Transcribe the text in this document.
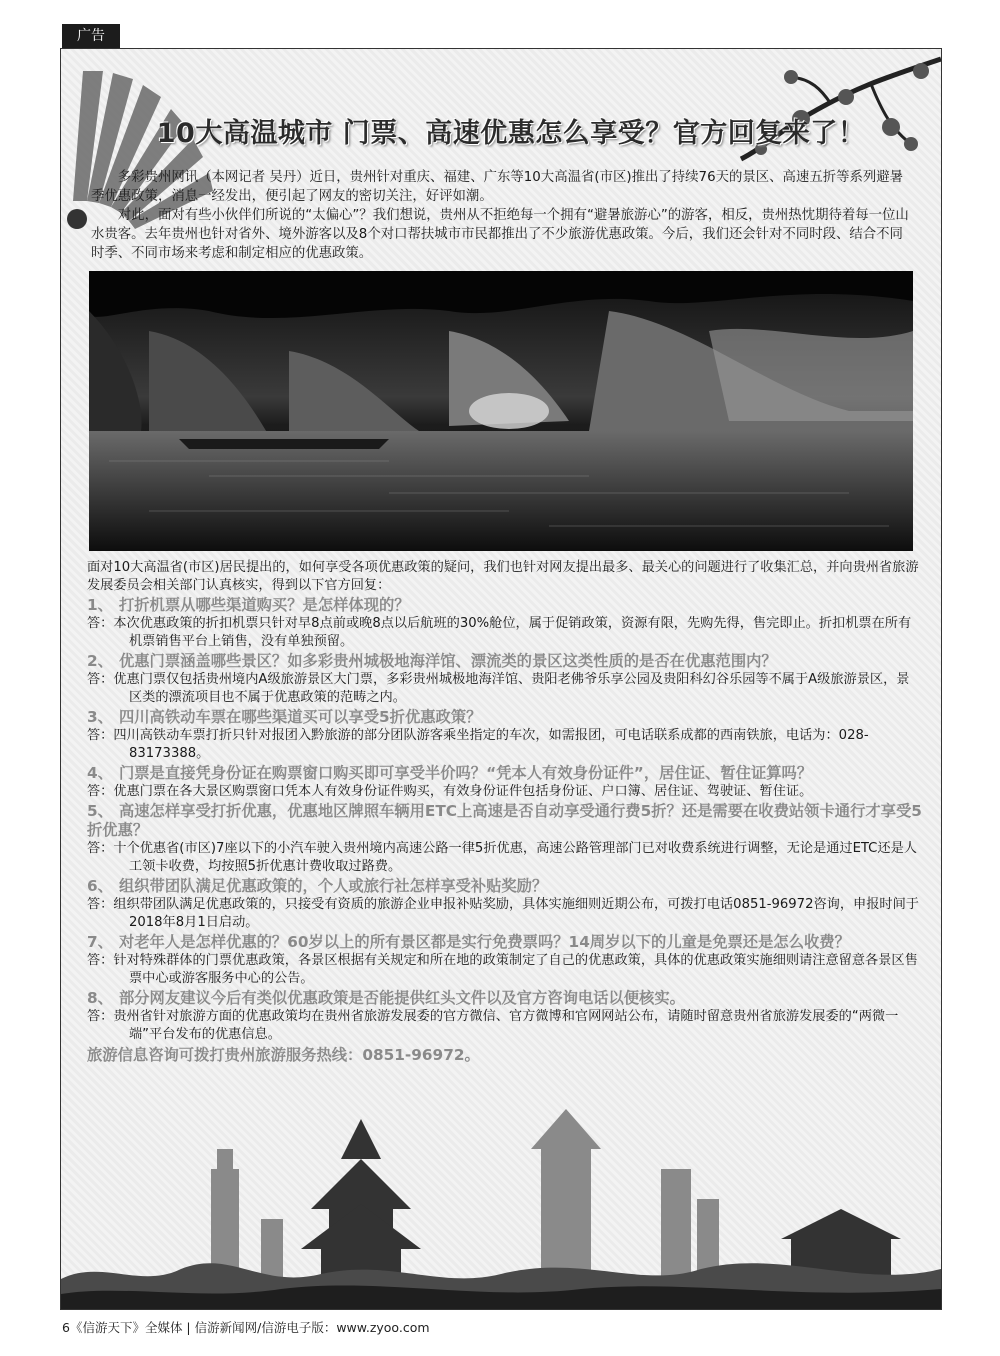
广告
10大高温城市 门票、高速优惠怎么享受？官方回复来了！

多彩贵州网讯（本网记者 吴丹）近日，贵州针对重庆、福建、广东等10大高温省(市区)推出了持续76天的景区、高速五折等系列避暑季优惠政策，消息一经发出，便引起了网友的密切关注，好评如潮。

对此，面对有些小伙伴们所说的“太偏心”？我们想说，贵州从不拒绝每一个拥有“避暑旅游心”的游客，相反，贵州热忱期待着每一位山水贵客。去年贵州也针对省外、境外游客以及8个对口帮扶城市市民都推出了不少旅游优惠政策。今后，我们还会针对不同时段、结合不同时季、不同市场来考虑和制定相应的优惠政策。

面对10大高温省(市区)居民提出的，如何享受各项优惠政策的疑问，我们也针对网友提出最多、最关心的问题进行了收集汇总，并向贵州省旅游发展委员会相关部门认真核实，得到以下官方回复：

1、 打折机票从哪些渠道购买？是怎样体现的？

答：本次优惠政策的折扣机票只针对早8点前或晚8点以后航班的30%舱位，属于促销政策，资源有限，先购先得，售完即止。折扣机票在所有机票销售平台上销售，没有单独预留。

2、 优惠门票涵盖哪些景区？如多彩贵州城极地海洋馆、漂流类的景区这类性质的是否在优惠范围内？

答：优惠门票仅包括贵州境内A级旅游景区大门票，多彩贵州城极地海洋馆、贵阳老佛爷乐享公园及贵阳科幻谷乐园等不属于A级旅游景区，景区类的漂流项目也不属于优惠政策的范畴之内。

3、 四川高铁动车票在哪些渠道买可以享受5折优惠政策？

答：四川高铁动车票打折只针对报团入黔旅游的部分团队游客乘坐指定的车次，如需报团，可电话联系成都的西南铁旅，电话为：028-83173388。

4、 门票是直接凭身份证在购票窗口购买即可享受半价吗？“凭本人有效身份证件”，居住证、暂住证算吗？

答：优惠门票在各大景区购票窗口凭本人有效身份证件购买，有效身份证件包括身份证、户口簿、居住证、驾驶证、暂住证。

5、 高速怎样享受打折优惠，优惠地区牌照车辆用ETC上高速是否自动享受通行费5折？还是需要在收费站领卡通行才享受5折优惠？

答：十个优惠省(市区)7座以下的小汽车驶入贵州境内高速公路一律5折优惠，高速公路管理部门已对收费系统进行调整，无论是通过ETC还是人工领卡收费，均按照5折优惠计费收取过路费。

6、 组织带团队满足优惠政策的，个人或旅行社怎样享受补贴奖励？

答：组织带团队满足优惠政策的，只接受有资质的旅游企业申报补贴奖励，具体实施细则近期公布，可拨打电话0851-96972咨询，申报时间于2018年8月1日启动。

7、 对老年人是怎样优惠的？60岁以上的所有景区都是实行免费票吗？14周岁以下的儿童是免票还是怎么收费？

答：针对特殊群体的门票优惠政策，各景区根据有关规定和所在地的政策制定了自己的优惠政策，具体的优惠政策实施细则请注意留意各景区售票中心或游客服务中心的公告。

8、 部分网友建议今后有类似优惠政策是否能提供红头文件以及官方咨询电话以便核实。

答：贵州省针对旅游方面的优惠政策均在贵州省旅游发展委的官方微信、官方微博和官网网站公布，请随时留意贵州省旅游发展委的“两微一端”平台发布的优惠信息。

旅游信息咨询可拨打贵州旅游服务热线：0851-96972。

6《信游天下》全媒体 | 信游新闻网/信游电子版：www.zyoo.com
